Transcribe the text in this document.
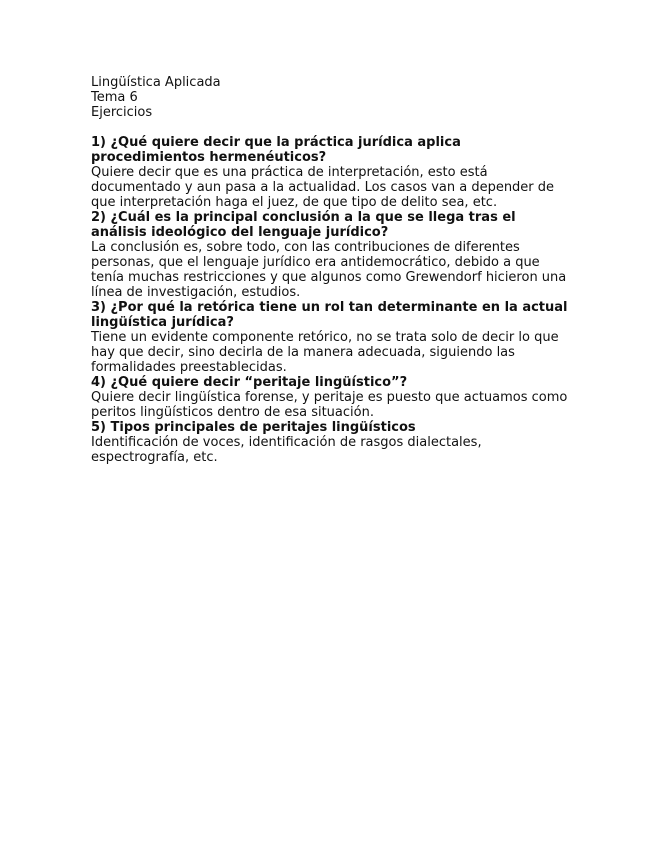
Lingüística Aplicada
Tema 6
Ejercicios
1) ¿Qué quiere decir que la práctica jurídica aplica procedimientos hermenéuticos?
Quiere decir que es una práctica de interpretación, esto está documentado y aun pasa a la actualidad. Los casos van a depender de que interpretación haga el juez, de que tipo de delito sea, etc.
2) ¿Cuál es la principal conclusión a la que se llega tras el análisis ideológico del lenguaje jurídico?
La conclusión es, sobre todo, con las contribuciones de diferentes personas, que el lenguaje jurídico era antidemocrático, debido a que tenía muchas restricciones y que algunos como Grewendorf hicieron una línea de investigación, estudios.
3) ¿Por qué la retórica tiene un rol tan determinante en la actual lingüística jurídica?
Tiene un evidente componente retórico, no se trata solo de decir lo que hay que decir, sino decirla de la manera adecuada, siguiendo las formalidades preestablecidas.
4) ¿Qué quiere decir “peritaje lingüístico”?
Quiere decir lingüística forense, y peritaje es puesto que actuamos como peritos lingüísticos dentro de esa situación.
5) Tipos principales de peritajes lingüísticos
Identificación de voces, identificación de rasgos dialectales, espectrografía, etc.
